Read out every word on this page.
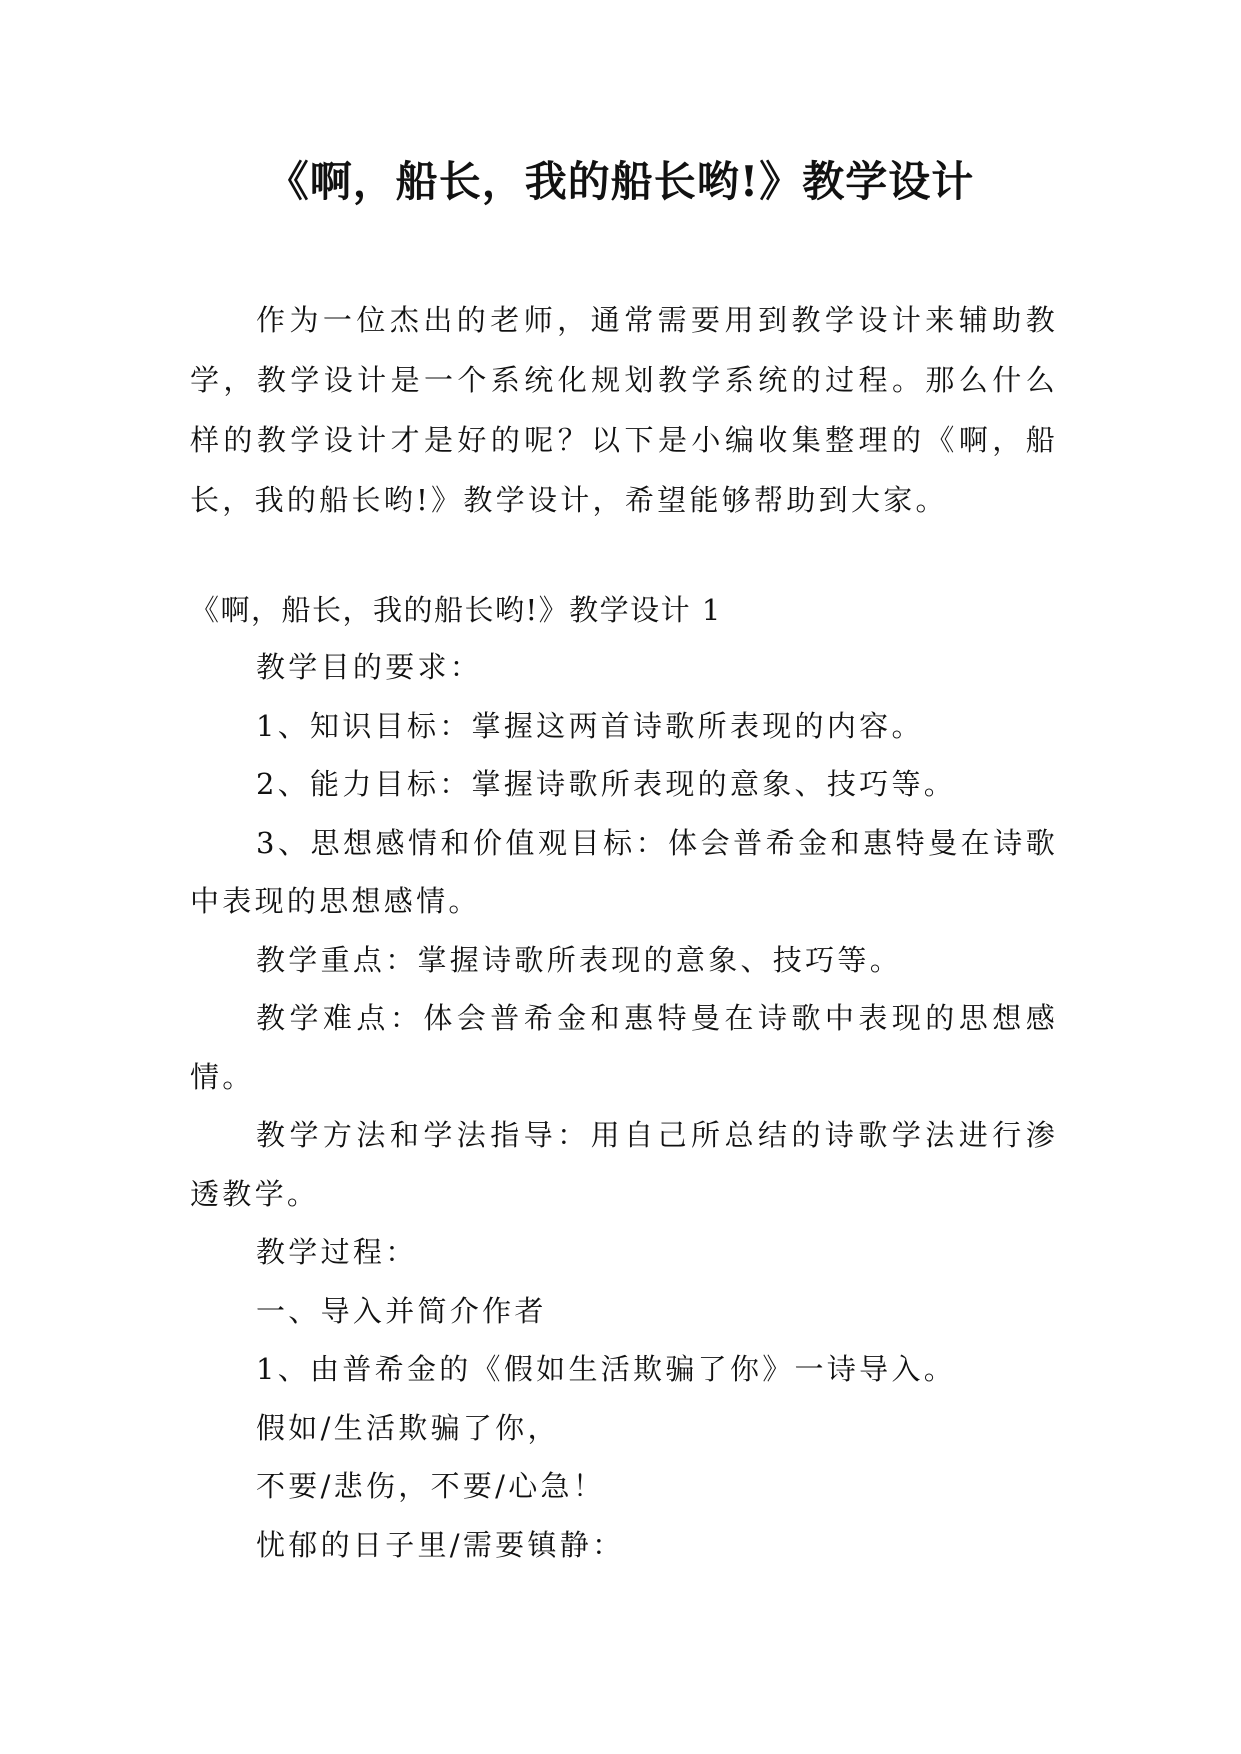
《啊，船长，我的船长哟!》教学设计

作为一位杰出的老师，通常需要用到教学设计来辅助教学，教学设计是一个系统化规划教学系统的过程。那么什么样的教学设计才是好的呢？以下是小编收集整理的《啊，船长，我的船长哟!》教学设计，希望能够帮助到大家。

《啊，船长，我的船长哟!》教学设计 1

教学目的要求：

1、知识目标：掌握这两首诗歌所表现的内容。

2、能力目标：掌握诗歌所表现的意象、技巧等。

3、思想感情和价值观目标：体会普希金和惠特曼在诗歌中表现的思想感情。

教学重点：掌握诗歌所表现的意象、技巧等。

教学难点：体会普希金和惠特曼在诗歌中表现的思想感情。

教学方法和学法指导：用自己所总结的诗歌学法进行渗透教学。

教学过程：

一、导入并简介作者

1、由普希金的《假如生活欺骗了你》一诗导入。

假如/生活欺骗了你，

不要/悲伤，不要/心急！

忧郁的日子里/需要镇静：
